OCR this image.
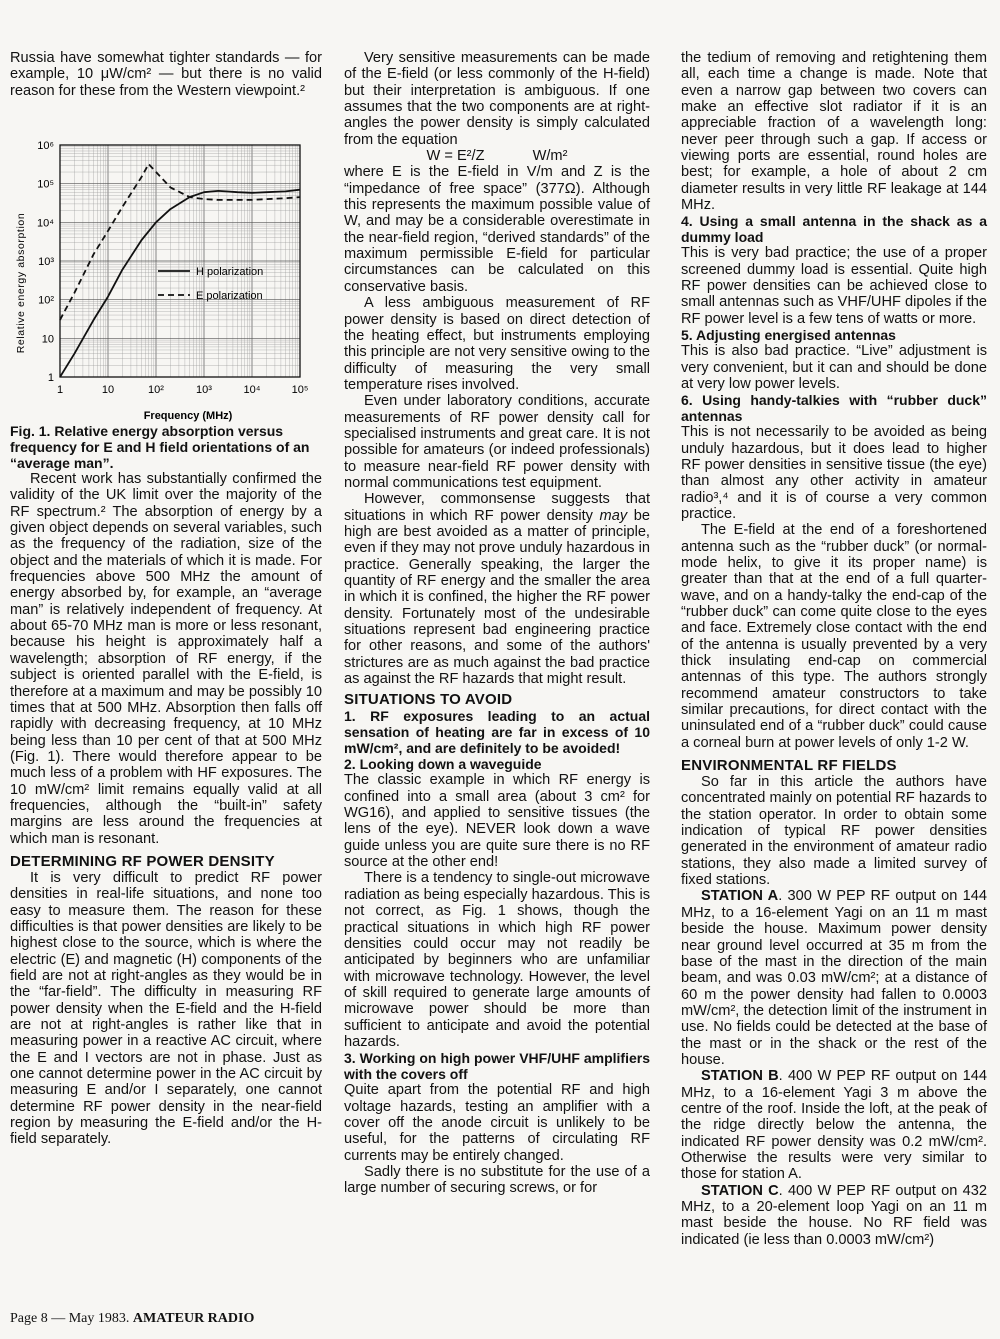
Russia have somewhat tighter standards — for example, 10 μW/cm² — but there is no valid reason for these from the Western viewpoint.²

1	10	10²	10³	10⁴	10⁵
1
10
10²
10³
10⁴
10⁵
10⁶
H polarization
E polarization
Relative energy absorption
Frequency (MHz)

Fig. 1. Relative energy absorption versus frequency for E and H field orientations of an “average man”.

Recent work has substantially confirmed the validity of the UK limit over the majority of the RF spectrum.² The absorption of energy by a given object depends on several variables, such as the frequency of the radiation, size of the object and the materials of which it is made. For frequencies above 500 MHz the amount of energy absorbed by, for example, an “average man” is relatively independent of frequency. At about 65-70 MHz man is more or less resonant, because his height is approximately half a wavelength; absorption of RF energy, if the subject is oriented parallel with the E-field, is therefore at a maximum and may be possibly 10 times that at 500 MHz. Absorption then falls off rapidly with decreasing frequency, at 10 MHz being less than 10 per cent of that at 500 MHz (Fig. 1). There would therefore appear to be much less of a problem with HF exposures. The 10 mW/cm² limit remains equally valid at all frequencies, although the “built-in” safety margins are less around the frequencies at which man is resonant.

DETERMINING RF POWER DENSITY

It is very difficult to predict RF power densities in real-life situations, and none too easy to measure them. The reason for these difficulties is that power densities are likely to be highest close to the source, which is where the electric (E) and magnetic (H) components of the field are not at right-angles as they would be in the “far-field”. The difficulty in measuring RF power density when the E-field and the H-field are not at right-angles is rather like that in measuring power in a reactive AC circuit, where the E and I vectors are not in phase. Just as one cannot determine power in the AC circuit by measuring E and/or I separately, one cannot determine RF power density in the near-field region by measuring the E-field and/or the H-field separately.

Very sensitive measurements can be made of the E-field (or less commonly of the H-field) but their interpretation is ambiguous. If one assumes that the two components are at right-angles the power density is simply calculated from the equation

W = E²/Z	W/m²

where E is the E-field in V/m and Z is the “impedance of free space” (377Ω). Although this represents the maximum possible value of W, and may be a considerable overestimate in the near-field region, “derived standards” of the maximum permissible E-field for particular circumstances can be calculated on this conservative basis.

A less ambiguous measurement of RF power density is based on direct detection of the heating effect, but instruments employing this principle are not very sensitive owing to the difficulty of measuring the very small temperature rises involved.

Even under laboratory conditions, accurate measurements of RF power density call for specialised instruments and great care. It is not possible for amateurs (or indeed professionals) to measure near-field RF power density with normal communications test equipment.

However, commonsense suggests that situations in which RF power density may be high are best avoided as a matter of principle, even if they may not prove unduly hazardous in practice. Generally speaking, the larger the quantity of RF energy and the smaller the area in which it is confined, the higher the RF power density. Fortunately most of the undesirable situations represent bad engineering practice for other reasons, and some of the authors' strictures are as much against the bad practice as against the RF hazards that might result.

SITUATIONS TO AVOID
1. RF exposures leading to an actual sensation of heating are far in excess of 10 mW/cm², and are definitely to be avoided!
2. Looking down a waveguide

The classic example in which RF energy is confined into a small area (about 3 cm² for WG16), and applied to sensitive tissues (the lens of the eye). NEVER look down a wave guide unless you are quite sure there is no RF source at the other end!

There is a tendency to single-out microwave radiation as being especially hazardous. This is not correct, as Fig. 1 shows, though the practical situations in which high RF power densities could occur may not readily be anticipated by beginners who are unfamiliar with microwave technology. However, the level of skill required to generate large amounts of microwave power should be more than sufficient to anticipate and avoid the potential hazards.

3. Working on high power VHF/UHF amplifiers with the covers off

Quite apart from the potential RF and high voltage hazards, testing an amplifier with a cover off the anode circuit is unlikely to be useful, for the patterns of circulating RF currents may be entirely changed.

Sadly there is no substitute for the use of a large number of securing screws, or for

the tedium of removing and retightening them all, each time a change is made. Note that even a narrow gap between two covers can make an effective slot radiator if it is an appreciable fraction of a wavelength long: never peer through such a gap. If access or viewing ports are essential, round holes are best; for example, a hole of about 2 cm diameter results in very little RF leakage at 144 MHz.

4. Using a small antenna in the shack as a dummy load

This is very bad practice; the use of a proper screened dummy load is essential. Quite high RF power densities can be achieved close to small antennas such as VHF/UHF dipoles if the RF power level is a few tens of watts or more.

5. Adjusting energised antennas

This is also bad practice. “Live” adjustment is very convenient, but it can and should be done at very low power levels.

6. Using handy-talkies with “rubber duck” antennas

This is not necessarily to be avoided as being unduly hazardous, but it does lead to higher RF power densities in sensitive tissue (the eye) than almost any other activity in amateur radio³,⁴ and it is of course a very common practice.

The E-field at the end of a foreshortened antenna such as the “rubber duck” (or normal-mode helix, to give it its proper name) is greater than that at the end of a full quarter-wave, and on a handy-talky the end-cap of the “rubber duck” can come quite close to the eyes and face. Extremely close contact with the end of the antenna is usually prevented by a very thick insulating end-cap on commercial antennas of this type. The authors strongly recommend amateur constructors to take similar precautions, for direct contact with the uninsulated end of a “rubber duck” could cause a corneal burn at power levels of only 1-2 W.

ENVIRONMENTAL RF FIELDS

So far in this article the authors have concentrated mainly on potential RF hazards to the station operator. In order to obtain some indication of typical RF power densities generated in the environment of amateur radio stations, they also made a limited survey of fixed stations.

STATION A. 300 W PEP RF output on 144 MHz, to a 16-element Yagi on an 11 m mast beside the house. Maximum power density near ground level occurred at 35 m from the base of the mast in the direction of the main beam, and was 0.03 mW/cm²; at a distance of 60 m the power density had fallen to 0.0003 mW/cm², the detection limit of the instrument in use. No fields could be detected at the base of the mast or in the shack or the rest of the house.

STATION B. 400 W PEP RF output on 144 MHz, to a 16-element Yagi 3 m above the centre of the roof. Inside the loft, at the peak of the ridge directly below the antenna, the indicated RF power density was 0.2 mW/cm². Otherwise the results were very similar to those for station A.

STATION C. 400 W PEP RF output on 432 MHz, to a 20-element loop Yagi on an 11 m mast beside the house. No RF field was indicated (ie less than 0.0003 mW/cm²)

Page 8 — May 1983. AMATEUR RADIO
